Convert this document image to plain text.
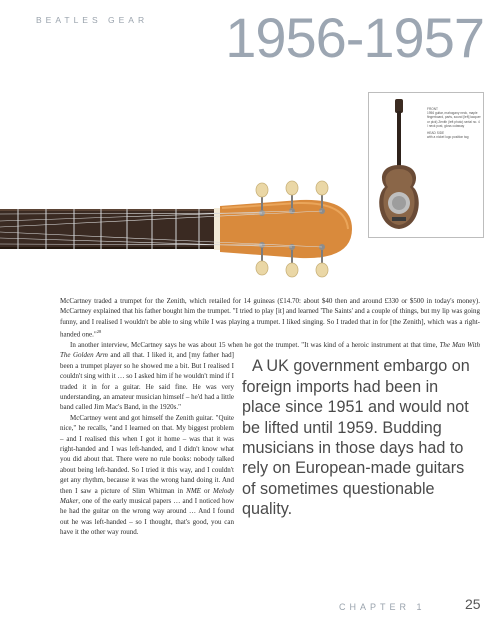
BEATLES GEAR 1956-1957

FRONT
1956 guitar, mahogany neck, maple fingerboard, parts, sound [left] lacquer or pick) Zenith (left photo) serial no. 4 / neck post, gloss cutaway

HEAD SIDE
with a nickel logo position tag

McCartney traded a trumpet for the Zenith, which retailed for 14 guineas (£14.70: about $40 then and around £330 or $500 in today's money). McCartney explained that his father bought him the trumpet. "I tried to play [it] and learned 'The Saints' and a couple of things, but my lip was going funny, and I realised I wouldn't be able to sing while I was playing a trumpet. I liked singing. So I traded that in for [the Zenith], which was a right-handed one."$^{28}$

In another interview, McCartney says he was about 15 when he got the trumpet. "It was kind of a heroic instrument at that time, The Man With The Golden Arm
A UK government embargo on foreign imports had been in place since 1951 and would not be lifted until 1959. Budding musicians in those days had to rely on European-made guitars of sometimes questionable quality.
and all that. I liked it, and [my father had] been a trumpet player so he showed me a bit. But I realised I couldn't sing with it … so I asked him if he wouldn't mind if I traded it in for a guitar. He said fine. He was very understanding, an amateur musician himself – he'd had a little band called Jim Mac's Band, in the 1920s."

McCartney went and got himself the Zenith guitar. "Quite nice," he recalls, "and I learned on that. My biggest problem – and I realised this when I got it home – was that it was right-handed and I was left-handed, and I didn't know what you did about that. There were no rule books: nobody talked about being left-handed. So I tried it this way, and I couldn't get any rhythm, because it was the wrong hand doing it. And then I saw a picture of Slim Whitman in NME or Melody Maker, one of the early musical papers … and I noticed how he had the guitar on the wrong way around … And I found out he was left-handed – so I thought, that's good, you can have it the other way round.

CHAPTER 1	25
